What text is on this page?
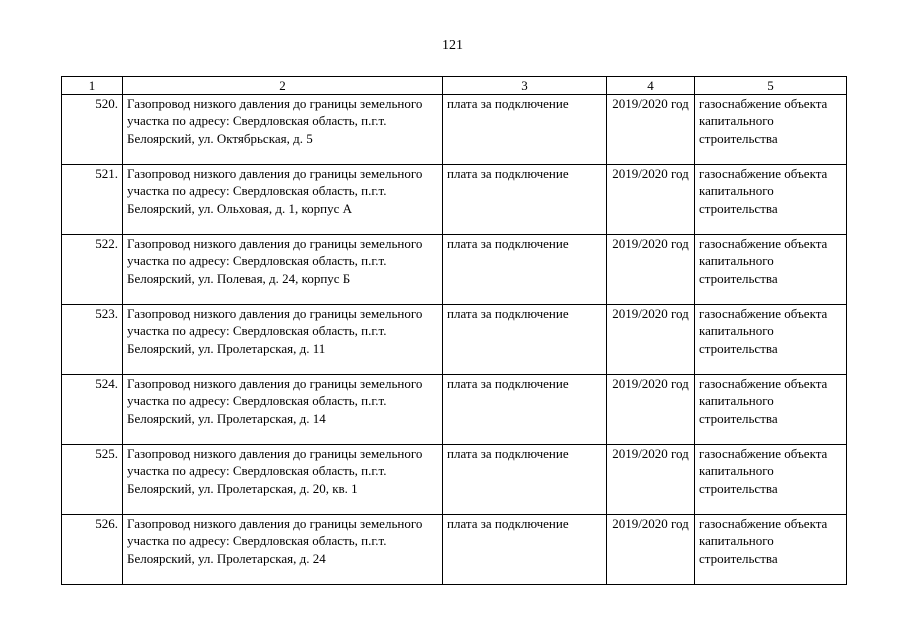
121
1	2	3	4	5
520.	Газопровод низкого давления до границы земельного участка по адресу: Свердловская область, п.г.т. Белоярский, ул. Октябрьская, д. 5	плата за подключение	2019/2020 год	газоснабжение объекта капитального строительства
521.	Газопровод низкого давления до границы земельного участка по адресу: Свердловская область, п.г.т. Белоярский, ул. Ольховая, д. 1, корпус А	плата за подключение	2019/2020 год	газоснабжение объекта капитального строительства
522.	Газопровод низкого давления до границы земельного участка по адресу: Свердловская область, п.г.т. Белоярский, ул. Полевая, д. 24, корпус Б	плата за подключение	2019/2020 год	газоснабжение объекта капитального строительства
523.	Газопровод низкого давления до границы земельного участка по адресу: Свердловская область, п.г.т. Белоярский, ул. Пролетарская, д. 11	плата за подключение	2019/2020 год	газоснабжение объекта капитального строительства
524.	Газопровод низкого давления до границы земельного участка по адресу: Свердловская область, п.г.т. Белоярский, ул. Пролетарская, д. 14	плата за подключение	2019/2020 год	газоснабжение объекта капитального строительства
525.	Газопровод низкого давления до границы земельного участка по адресу: Свердловская область, п.г.т. Белоярский, ул. Пролетарская, д. 20, кв. 1	плата за подключение	2019/2020 год	газоснабжение объекта капитального строительства
526.	Газопровод низкого давления до границы земельного участка по адресу: Свердловская область, п.г.т. Белоярский, ул. Пролетарская, д. 24	плата за подключение	2019/2020 год	газоснабжение объекта капитального строительства
